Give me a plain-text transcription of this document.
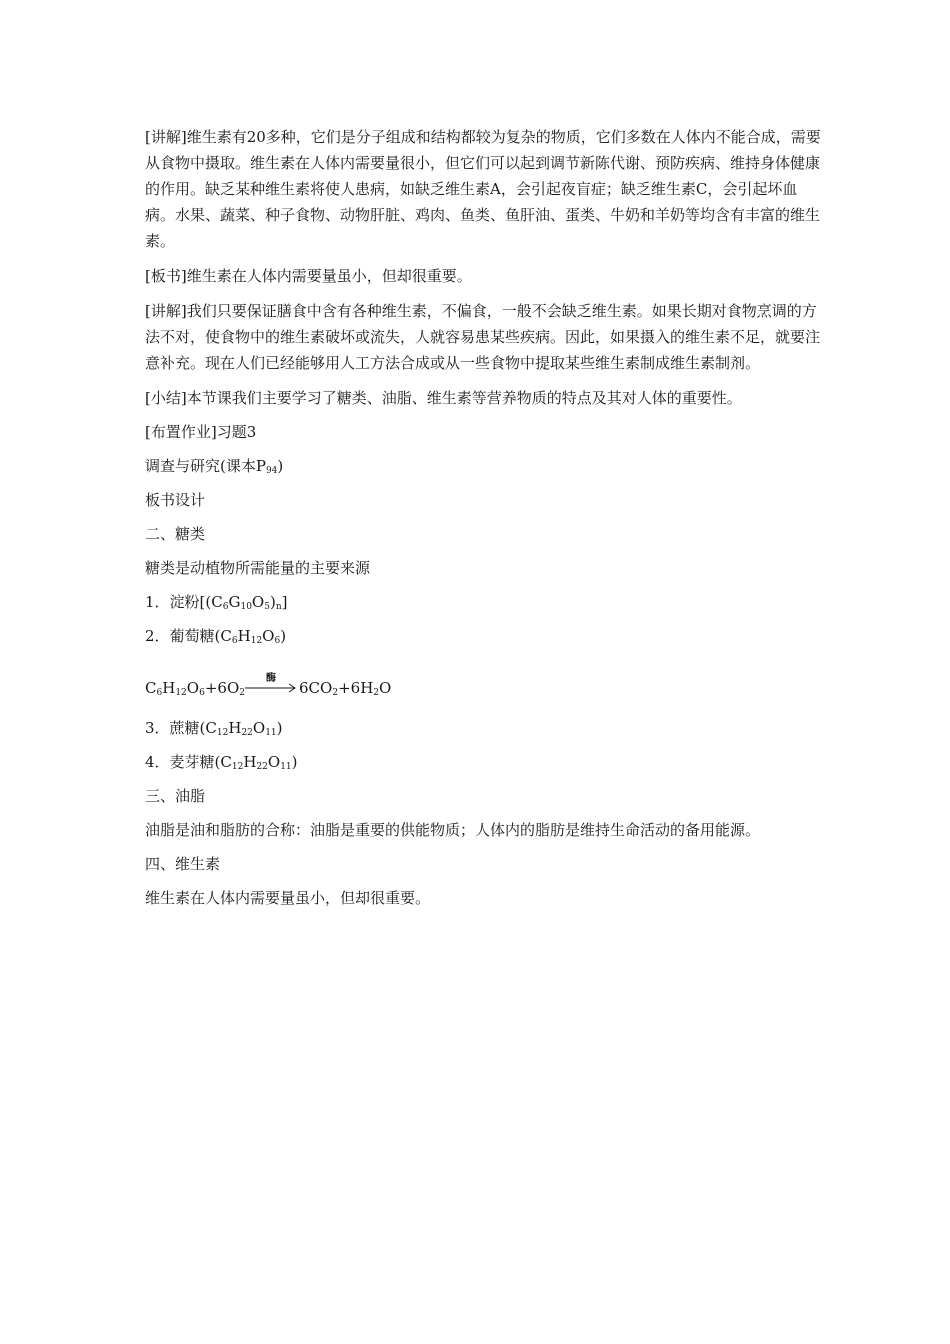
[讲解]维生素有20多种，它们是分子组成和结构都较为复杂的物质，它们多数在人体内不能合成，需要从食物中摄取。维生素在人体内需要量很小，但它们可以起到调节新陈代谢、预防疾病、维持身体健康的作用。缺乏某种维生素将使人患病，如缺乏维生素A，会引起夜盲症；缺乏维生素C，会引起坏血病。水果、蔬菜、种子食物、动物肝脏、鸡肉、鱼类、鱼肝油、蛋类、牛奶和羊奶等均含有丰富的维生素。

[板书]维生素在人体内需要量虽小，但却很重要。

[讲解]我们只要保证膳食中含有各种维生素，不偏食，一般不会缺乏维生素。如果长期对食物烹调的方法不对，使食物中的维生素破坏或流失，人就容易患某些疾病。因此，如果摄入的维生素不足，就要注意补充。现在人们已经能够用人工方法合成或从一些食物中提取某些维生素制成维生素制剂。

[小结]本节课我们主要学习了糖类、油脂、维生素等营养物质的特点及其对人体的重要性。

[布置作业]习题3

调查与研究(课本$P_{94}$)

板书设计

二、糖类

糖类是动植物所需能量的主要来源

1．淀粉$[(C_6G_{10}O_5)_n]$

2．葡萄糖$(C_6H_{12}O_6)$

$C_6H_{12}O_6+6O_2$
酶
$6CO_2+6H_2O$

3．蔗糖$(C_{12}H_{22}O_{11})$

4．麦芽糖$(C_{12}H_{22}O_{11})$

三、油脂

油脂是油和脂肪的合称：油脂是重要的供能物质；人体内的脂肪是维持生命活动的备用能源。

四、维生素

维生素在人体内需要量虽小，但却很重要。
